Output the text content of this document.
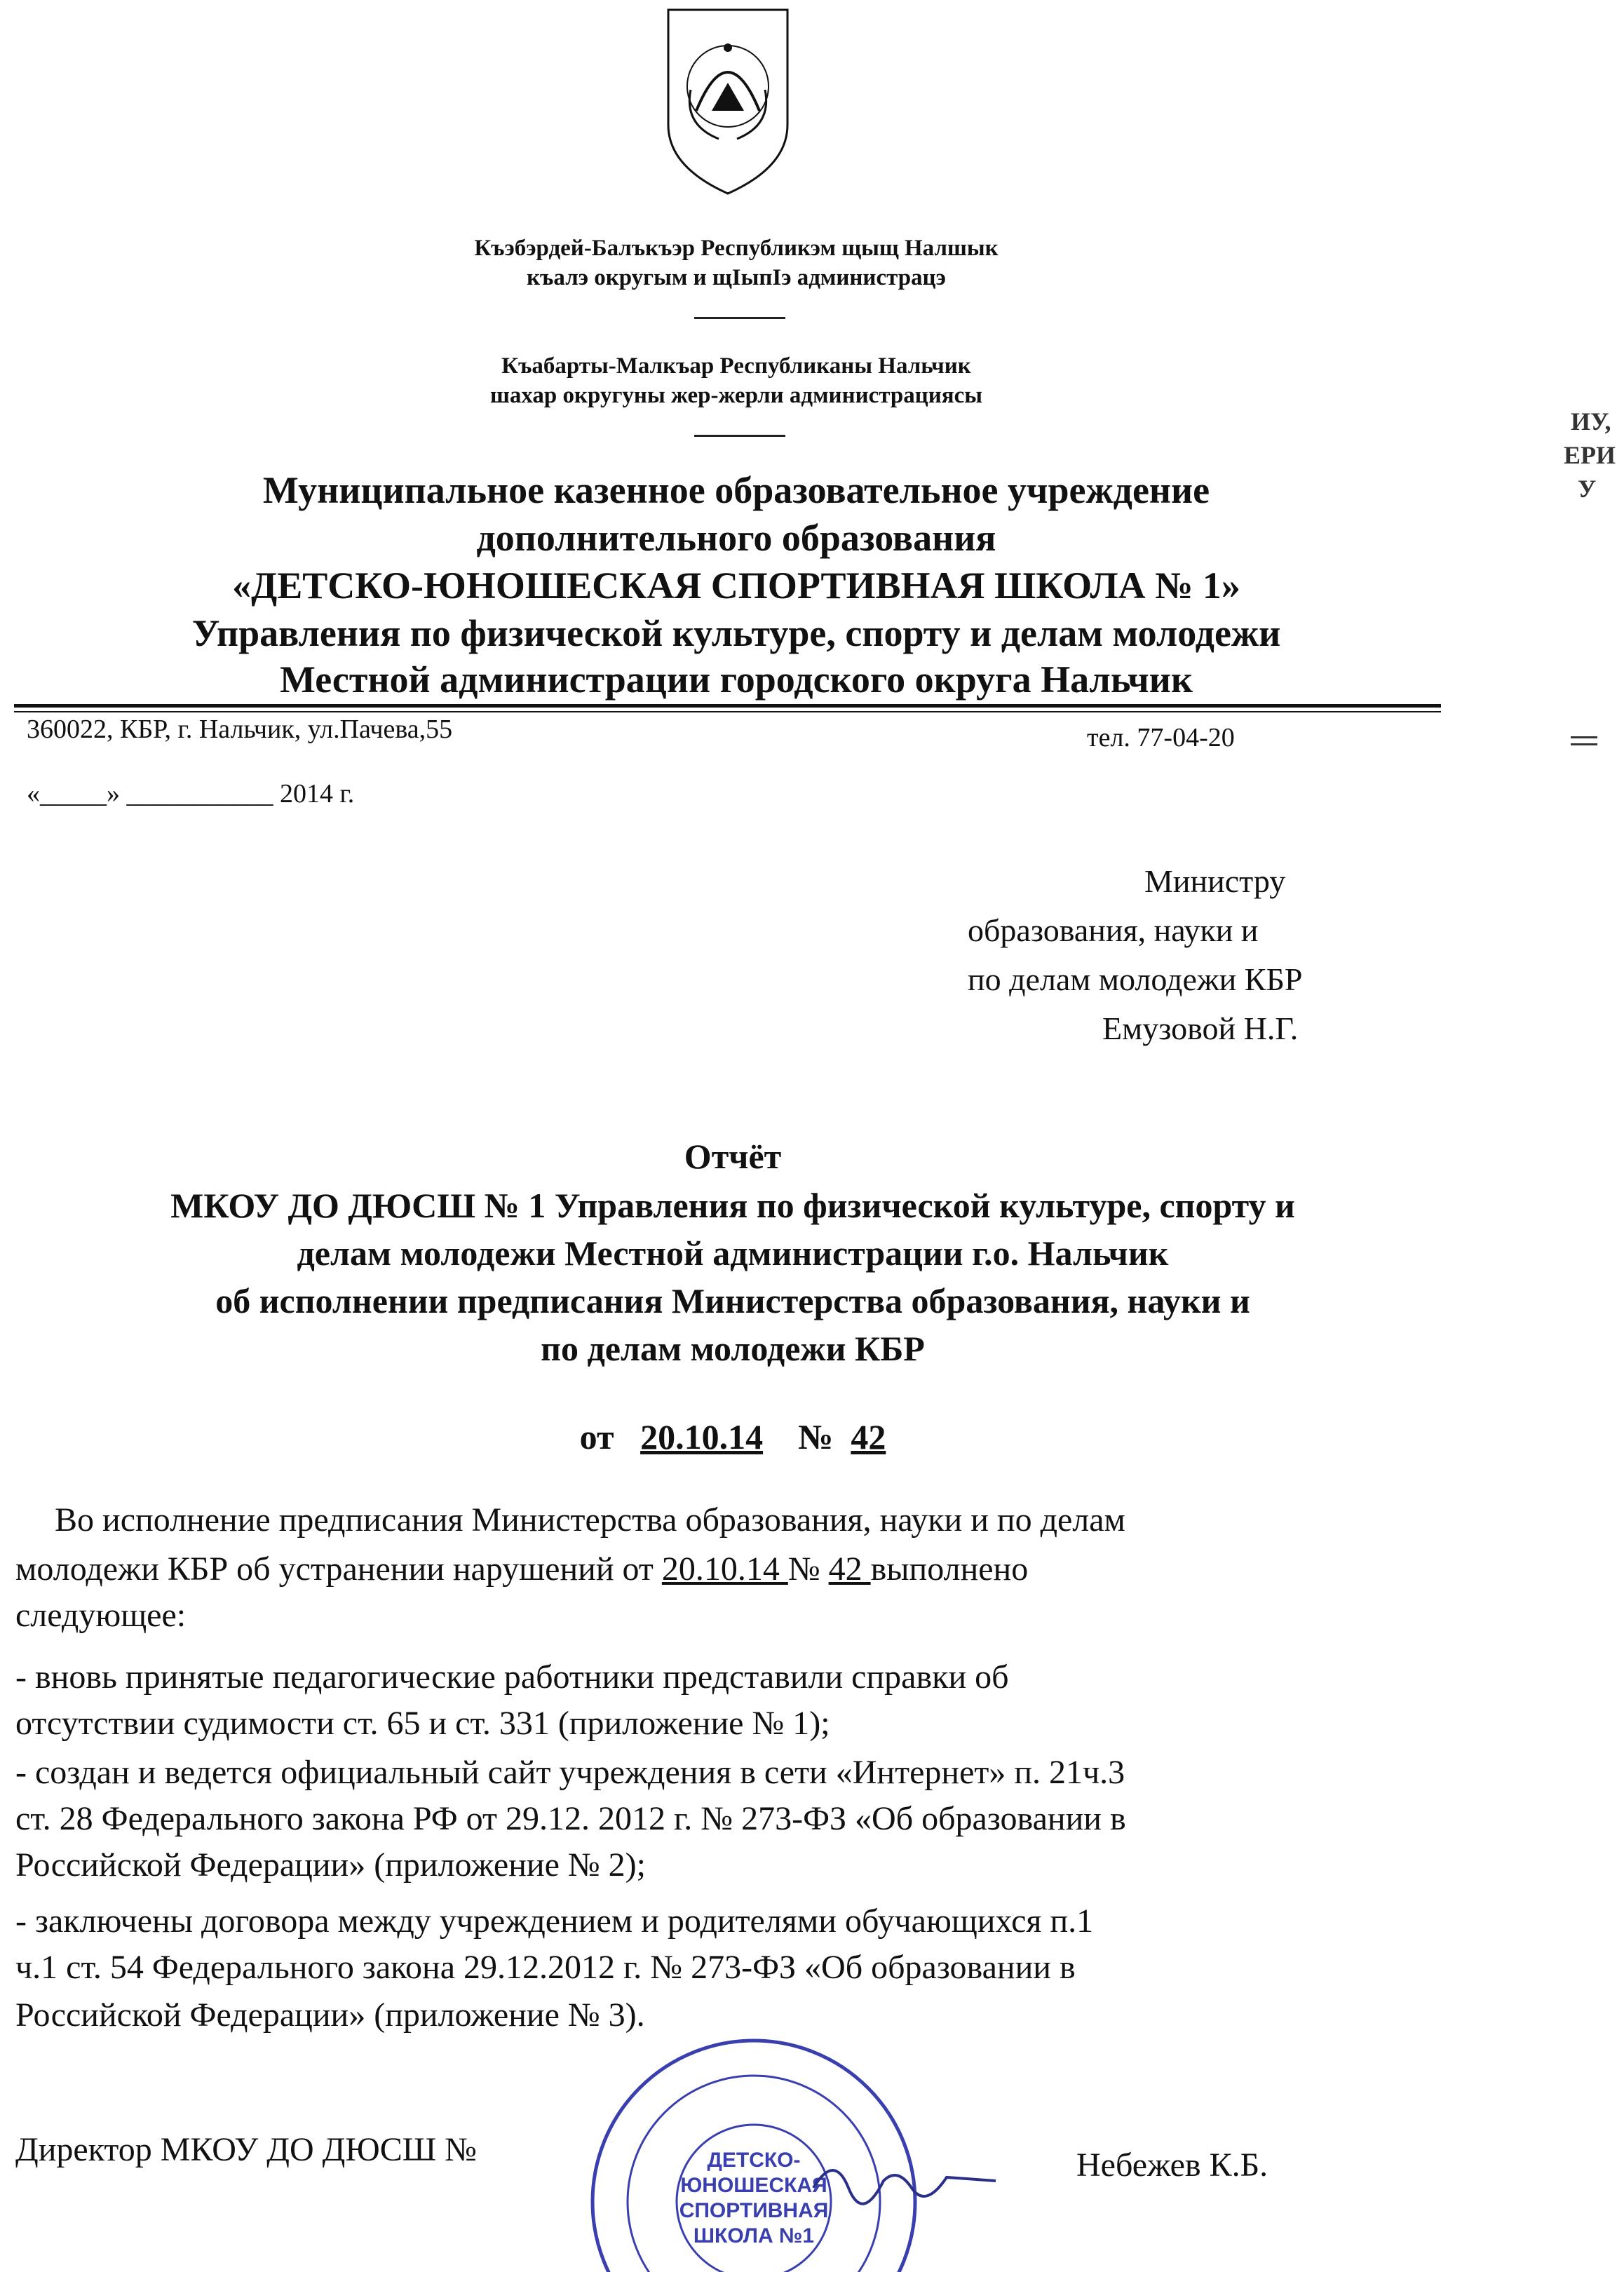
Къэбэрдей-Балъкъэр Республикэм щыщ Налшык
къалэ округым и щIыпIэ администрацэ
Къабарты-Малкъар Республиканы Нальчик
шахар округуны жер-жерли администрациясы
Муниципальное казенное образовательное учреждение
дополнительного образования
«ДЕТСКО-ЮНОШЕСКАЯ СПОРТИВНАЯ ШКОЛА № 1»
Управления по физической культуре, спорту и делам молодежи
Местной администрации городского округа Нальчик
360022, КБР, г. Нальчик, ул.Пачева,55	тел. 77-04-20
«_____» ___________ 2014 г.
Министру
образования, науки и
по делам молодежи КБР
Емузовой Н.Г.
Отчёт
МКОУ ДО ДЮСШ № 1 Управления по физической культуре, спорту и
делам молодежи Местной администрации г.о. Нальчик
об исполнении предписания Министерства образования, науки и
по делам молодежи КБР
от 20.10.14 № 42
Во исполнение предписания Министерства образования, науки и по делам
молодежи КБР об устранении нарушений от 20.10.14 № 42 выполнено
следующее:
- вновь принятые педагогические работники представили справки об
отсутствии судимости ст. 65 и ст. 331 (приложение № 1);
- создан и ведется официальный сайт учреждения в сети «Интернет» п. 21ч.3
ст. 28 Федерального закона РФ от 29.12. 2012 г. № 273-ФЗ «Об образовании в
Российской Федерации» (приложение № 2);
- заключены договора между учреждением и родителями обучающихся п.1
ч.1 ст. 54 Федерального закона 29.12.2012 г. № 273-ФЗ «Об образовании в
Российской Федерации» (приложение № 3).
ДЕТСКО-
ЮНОШЕСКАЯ
СПОРТИВНАЯ
ШКОЛА №1
Директор МКОУ ДО ДЮСШ №	Небежев К.Б.
ИУ,
ЕРИ
У
